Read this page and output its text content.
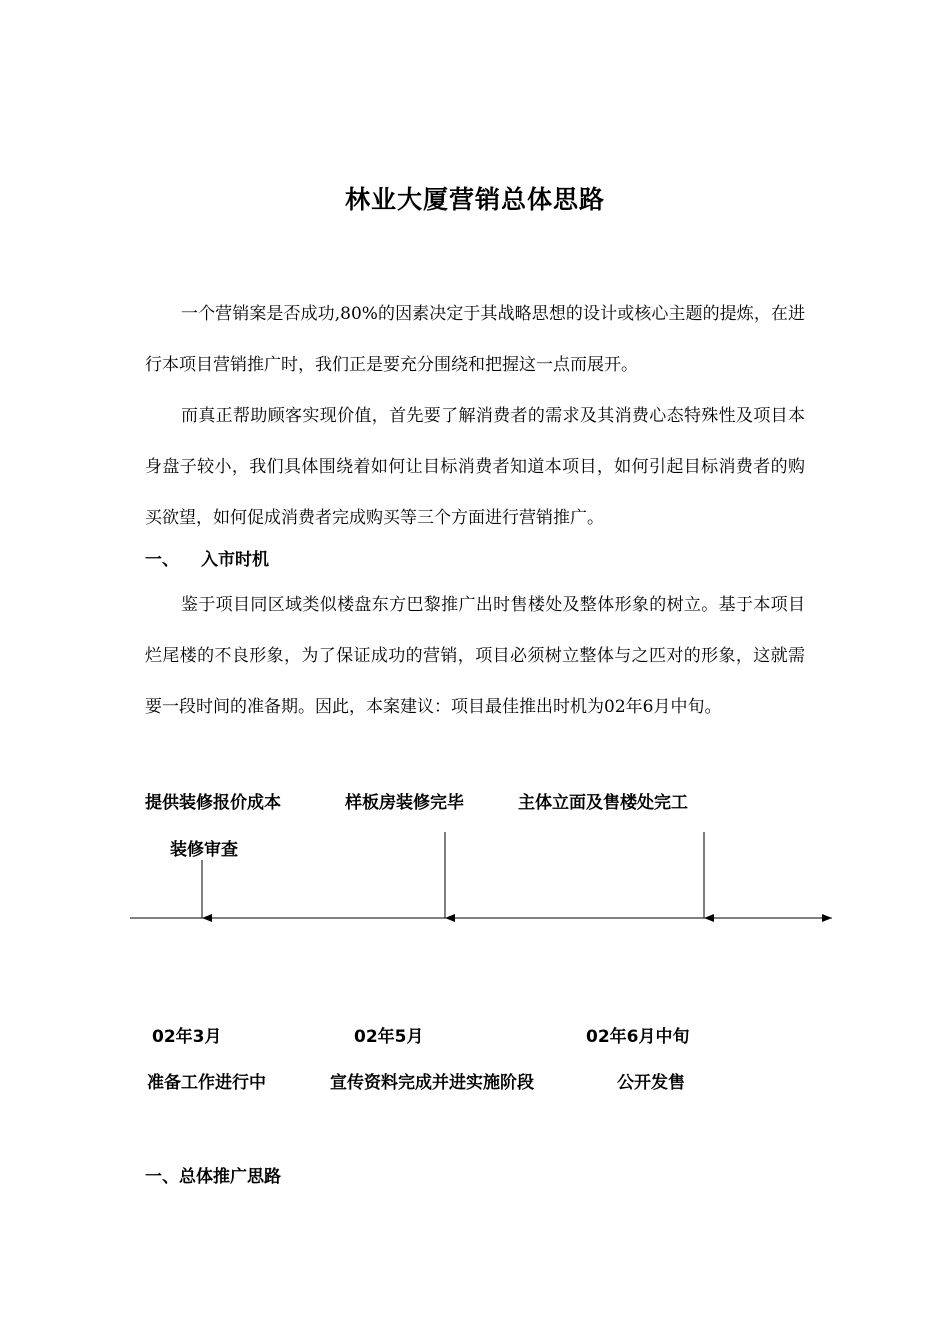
林业大厦营销总体思路

一个营销案是否成功,80%的因素决定于其战略思想的设计或核心主题的提炼，在进行本项目营销推广时，我们正是要充分围绕和把握这一点而展开。

而真正帮助顾客实现价值，首先要了解消费者的需求及其消费心态特殊性及项目本身盘子较小，我们具体围绕着如何让目标消费者知道本项目，如何引起目标消费者的购买欲望，如何促成消费者完成购买等三个方面进行营销推广。

一、 入市时机

鉴于项目同区域类似楼盘东方巴黎推广出时售楼处及整体形象的树立。基于本项目烂尾楼的不良形象，为了保证成功的营销，项目必须树立整体与之匹对的形象，这就需要一段时间的准备期。因此，本案建议：项目最佳推出时机为02年6月中旬。

提供装修报价成本
装修审查
样板房装修完毕	主体立面及售楼处完工
02年3月	02年5月	02年6月中旬
准备工作进行中	宣传资料完成并进实施阶段	公开发售
一、总体推广思路
